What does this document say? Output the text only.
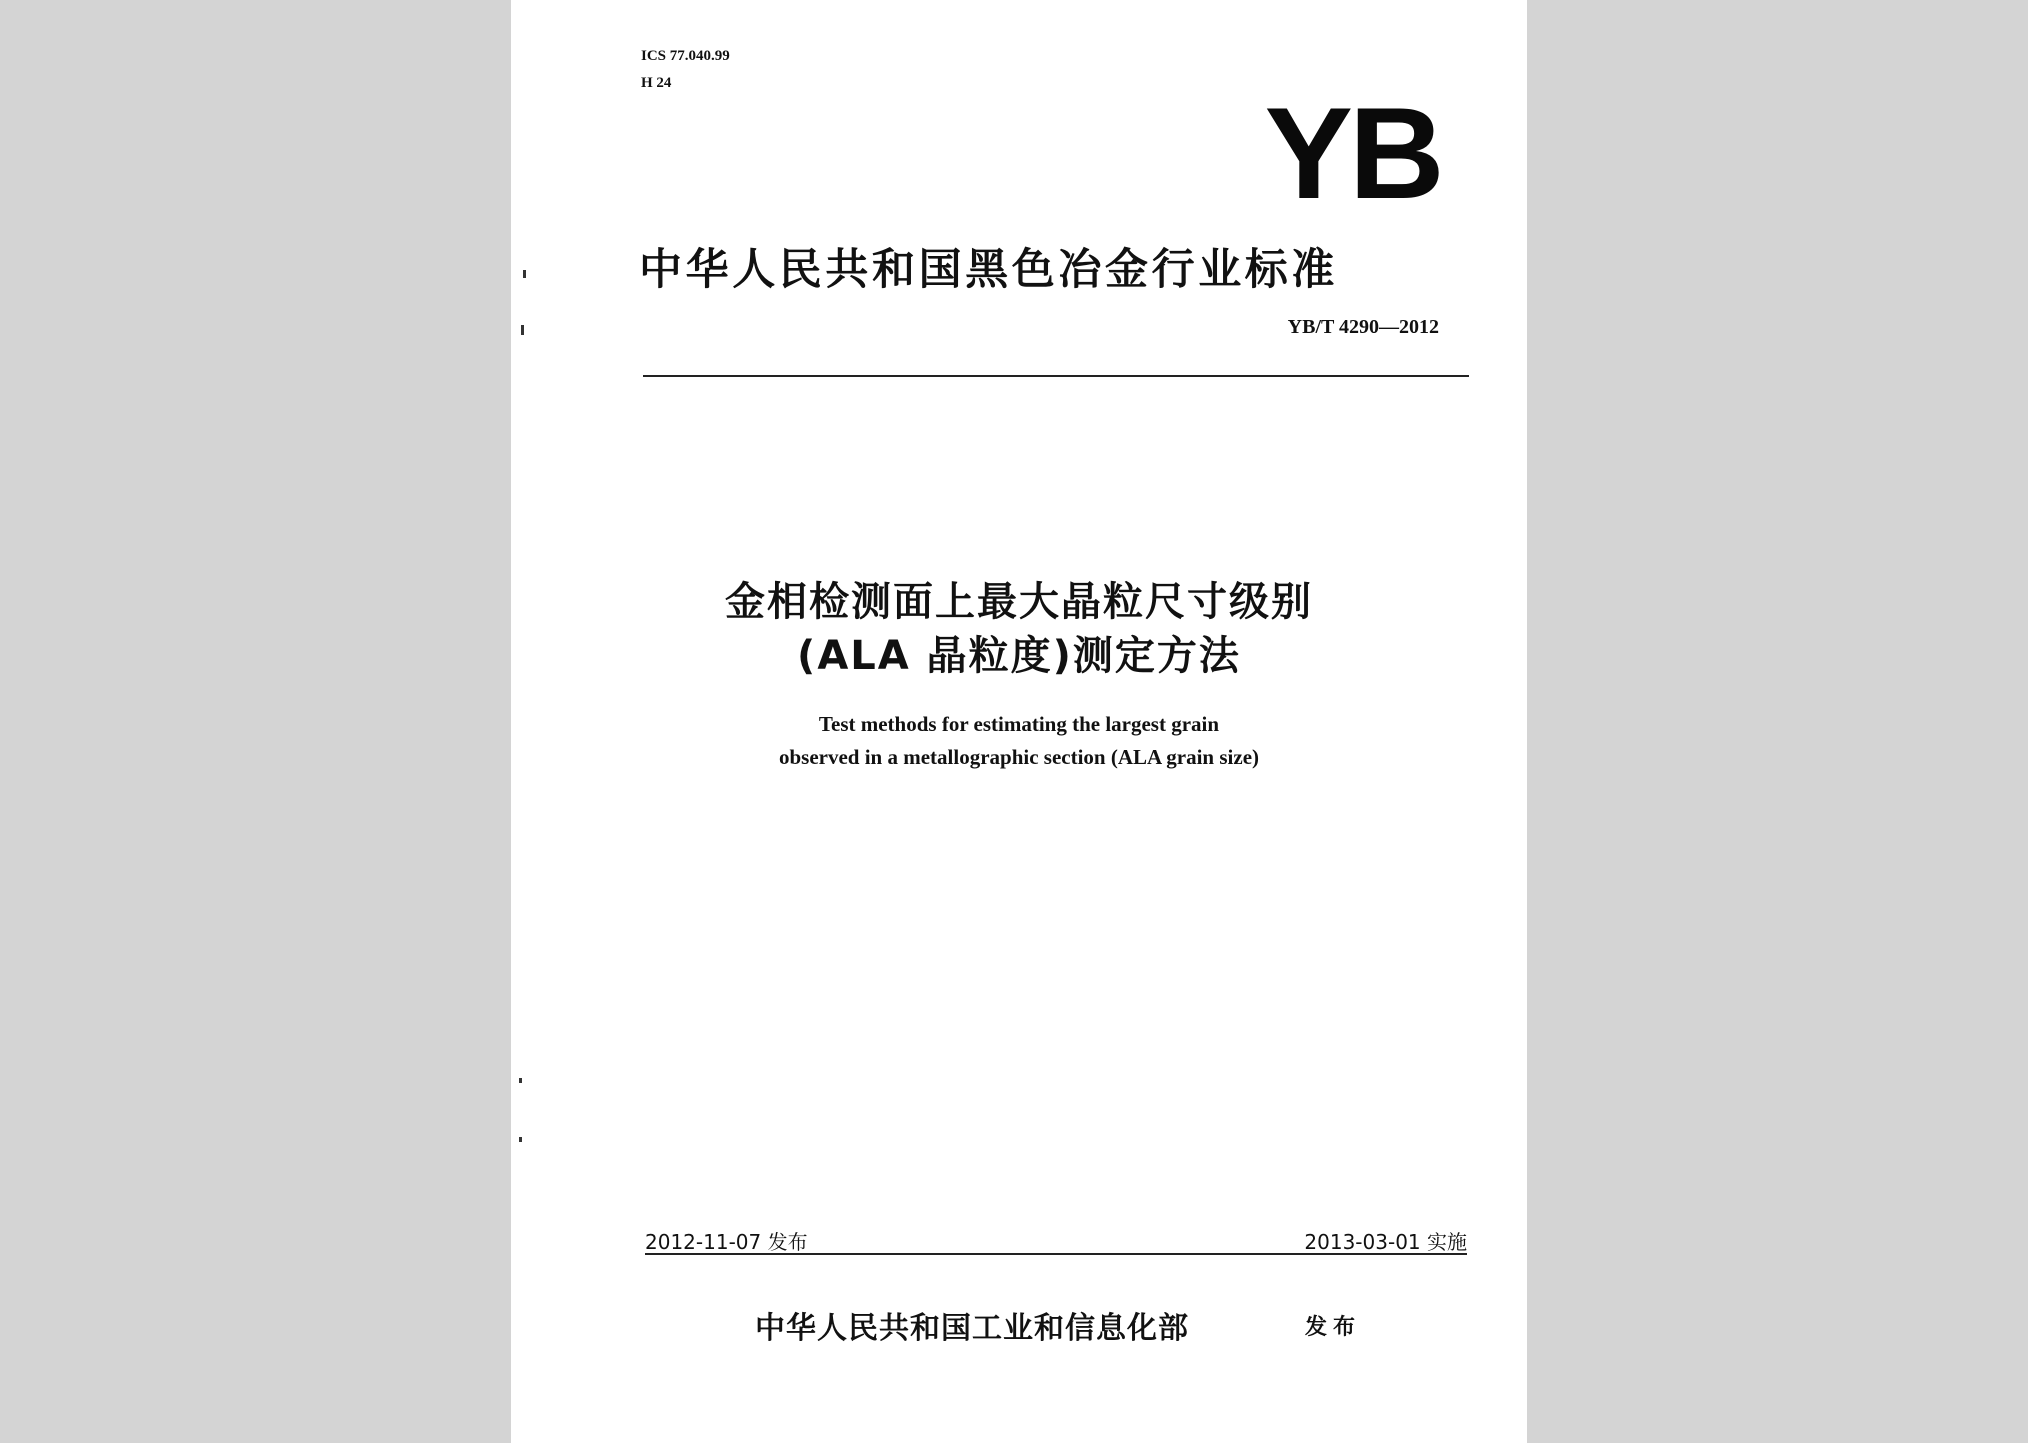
ICS 77.040.99

H 24	YB

中华人民共和国黑色冶金行业标准

YB/T 4290—2012

金相检测面上最大晶粒尺寸级别

(ALA 晶粒度)测定方法

Test methods for estimating the largest grain

observed in a metallographic section (ALA grain size)

2012-11-07 发布	2013-03-01 实施

中华人民共和国工业和信息化部	发布
